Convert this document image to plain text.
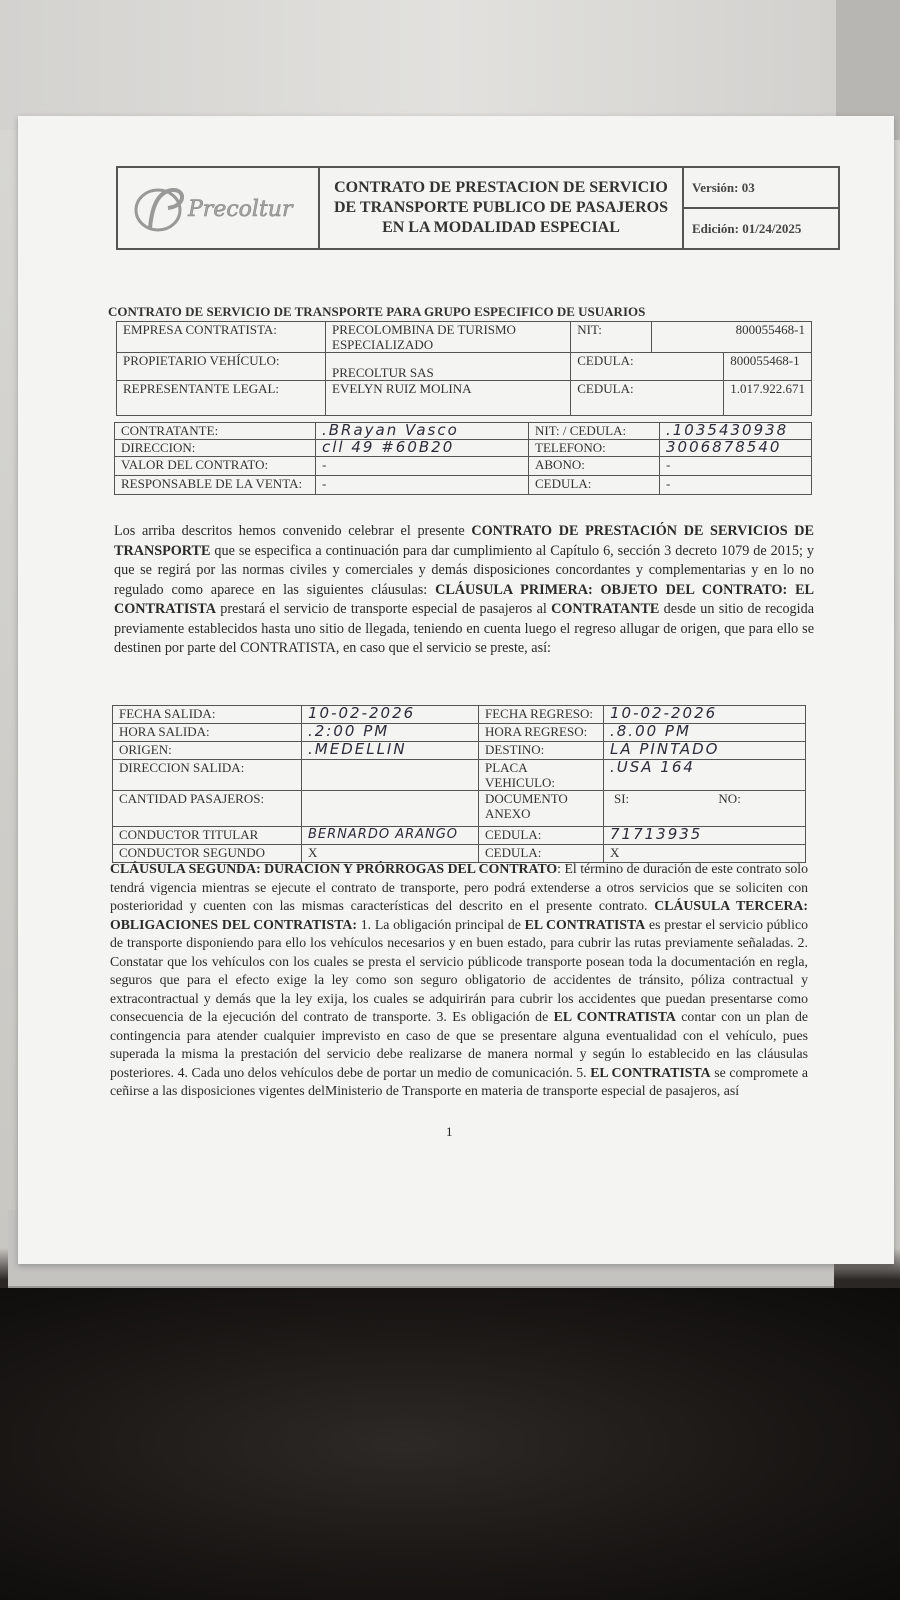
Precoltur
CONTRATO DE PRESTACION DE SERVICIO
DE TRANSPORTE PUBLICO DE PASAJEROS
EN LA MODALIDAD ESPECIAL
Versión: 03
Edición: 01/24/2025
CONTRATO DE SERVICIO DE TRANSPORTE PARA GRUPO ESPECIFICO DE USUARIOS
EMPRESA CONTRATISTA:	PRECOLOMBINA DE TURISMO ESPECIALIZADO	NIT:	800055468-1
PROPIETARIO VEHÍCULO:	PRECOLTUR SAS	CEDULA: 800055468-1	

REPRESENTANTE LEGAL:	EVELYN RUIZ MOLINA	CEDULA: 1.017.922.671	
CONTRATANTE:	.BRayan Vasco	NIT: / CEDULA:	.1035430938
DIRECCION:	cll 49 #60B20	TELEFONO:	3006878540
VALOR DEL CONTRATO:	-	ABONO:	-
RESPONSABLE DE LA VENTA:	-	CEDULA:	-
Los arriba descritos hemos convenido celebrar el presente CONTRATO DE PRESTACIÓN DE SERVICIOS DE TRANSPORTE que se especifica a continuación para dar cumplimiento al Capítulo 6, sección 3 decreto 1079 de 2015; y que se regirá por las normas civiles y comerciales y demás disposiciones concordantes y complementarias y en lo no regulado como aparece en las siguientes cláusulas: CLÁUSULA PRIMERA: OBJETO DEL CONTRATO: EL CONTRATISTA prestará el servicio de transporte especial de pasajeros al CONTRATANTE desde un sitio de recogida previamente establecidos hasta uno sitio de llegada, teniendo en cuenta luego el regreso allugar de origen, que para ello se destinen por parte del CONTRATISTA, en caso que el servicio se preste, así:
FECHA SALIDA:	10-02-2026	FECHA REGRESO:	10-02-2026
HORA SALIDA:	.2:00 PM	HORA REGRESO:	.8.00 PM
ORIGEN:	.MEDELLIN	DESTINO:	LA PINTADO
DIRECCION SALIDA:		PLACA VEHICULO:	.USA 164
CANTIDAD PASAJEROS:		DOCUMENTO ANEXO	SI: NO:
CONDUCTOR TITULAR	BERNARDO ARANGO	CEDULA:	71713935
CONDUCTOR SEGUNDO	X	CEDULA:	X
CLÁUSULA SEGUNDA: DURACION Y PRÓRROGAS DEL CONTRATO: El término de duración de este contrato solo tendrá vigencia mientras se ejecute el contrato de transporte, pero podrá extenderse a otros servicios que se soliciten con posterioridad y cuenten con las mismas características del descrito en el presente contrato. CLÁUSULA TERCERA: OBLIGACIONES DEL CONTRATISTA: 1. La obligación principal de EL CONTRATISTA es prestar el servicio público de transporte disponiendo para ello los vehículos necesarios y en buen estado, para cubrir las rutas previamente señaladas. 2. Constatar que los vehículos con los cuales se presta el servicio públicode transporte posean toda la documentación en regla, seguros que para el efecto exige la ley como son seguro obligatorio de accidentes de tránsito, póliza contractual y extracontractual y demás que la ley exija, los cuales se adquirirán para cubrir los accidentes que puedan presentarse como consecuencia de la ejecución del contrato de transporte. 3. Es obligación de EL CONTRATISTA contar con un plan de contingencia para atender cualquier imprevisto en caso de que se presentare alguna eventualidad con el vehículo, pues superada la misma la prestación del servicio debe realizarse de manera normal y según lo establecido en las cláusulas posteriores. 4. Cada uno delos vehículos debe de portar un medio de comunicación. 5. EL CONTRATISTA se compromete a ceñirse a las disposiciones vigentes delMinisterio de Transporte en materia de transporte especial de pasajeros, así
1
